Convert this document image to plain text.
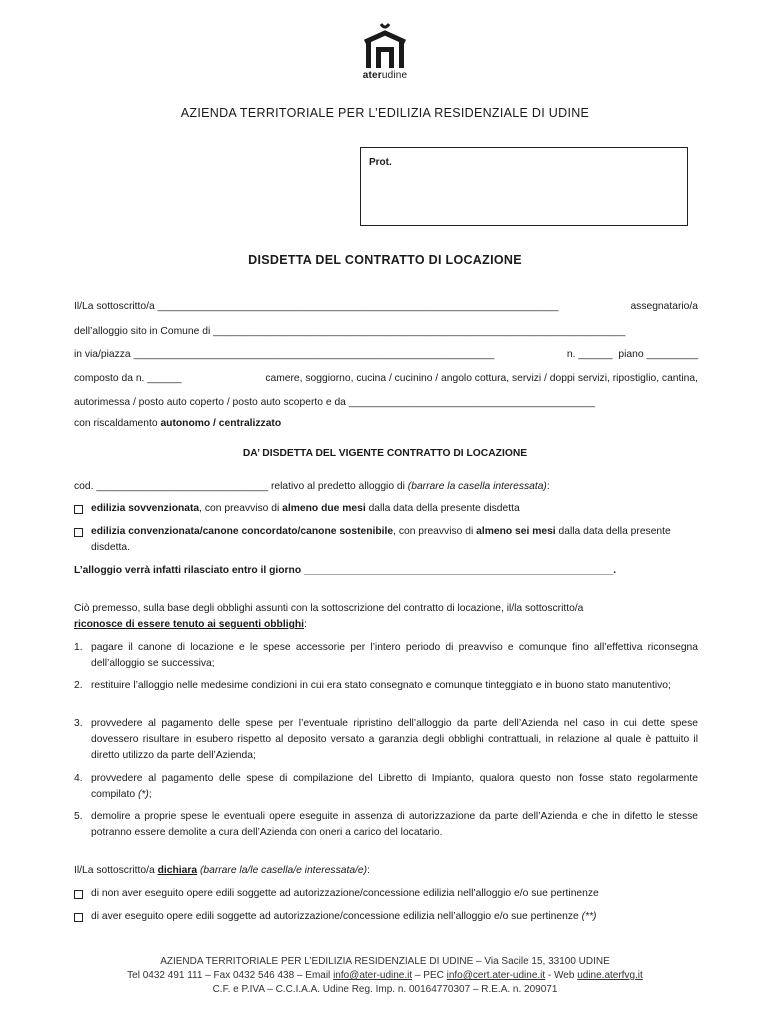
aterudine
AZIENDA TERRITORIALE PER L’EDILIZIA RESIDENZIALE DI UDINE
Prot.
DISDETTA DEL CONTRATTO DI LOCAZIONE
Il/La sottoscritto/a ______________________________________________________________________	assegnatario/a
dell’alloggio sito in Comune di ________________________________________________________________________
in via/piazza _______________________________________________________________	n. ______ piano _________
composto da n. ______	camere, soggiorno, cucina / cucinino / angolo cottura, servizi / doppi servizi, ripostiglio, cantina,
autorimessa / posto auto coperto / posto auto scoperto e da ___________________________________________
con riscaldamento autonomo / centralizzato
DA’ DISDETTA DEL VIGENTE CONTRATTO DI LOCAZIONE
cod. ______________________________ relativo al predetto alloggio di (barrare la casella interessata):
edilizia sovvenzionata, con preavviso di almeno due mesi dalla data della presente disdetta
edilizia convenzionata/canone concordato/canone sostenibile, con preavviso di almeno sei mesi dalla data della presente disdetta.
L’alloggio verrà infatti rilasciato entro il giorno ______________________________________________________.
Ciò premesso, sulla base degli obblighi assunti con la sottoscrizione del contratto di locazione, il/la sottoscritto/a
riconosce di essere tenuto ai seguenti obblighi:
1. pagare il canone di locazione e le spese accessorie per l’intero periodo di preavviso e comunque fino all’effettiva riconsegna dell’alloggio se successiva;
2. restituire l’alloggio nelle medesime condizioni in cui era stato consegnato e comunque tinteggiato e in buono stato manutentivo;
3. provvedere al pagamento delle spese per l’eventuale ripristino dell’alloggio da parte dell’Azienda nel caso in cui dette spese dovessero risultare in esubero rispetto al deposito versato a garanzia degli obblighi contrattuali, in relazione al quale è pattuito il diretto utilizzo da parte dell’Azienda;
4. provvedere al pagamento delle spese di compilazione del Libretto di Impianto, qualora questo non fosse stato regolarmente compilato (*);
5. demolire a proprie spese le eventuali opere eseguite in assenza di autorizzazione da parte dell’Azienda e che in difetto le stesse potranno essere demolite a cura dell’Azienda con oneri a carico del locatario.
Il/La sottoscritto/a dichiara (barrare la/le casella/e interessata/e):
di non aver eseguito opere edili soggette ad autorizzazione/concessione edilizia nell’alloggio e/o sue pertinenze
di aver eseguito opere edili soggette ad autorizzazione/concessione edilizia nell’alloggio e/o sue pertinenze (**)
AZIENDA TERRITORIALE PER L’EDILIZIA RESIDENZIALE DI UDINE – Via Sacile 15, 33100 UDINE
Tel 0432 491 111 – Fax 0432 546 438 – Email info@ater-udine.it – PEC info@cert.ater-udine.it - Web udine.aterfvg.it
C.F. e P.IVA – C.C.I.A.A. Udine Reg. Imp. n. 00164770307 – R.E.A. n. 209071
